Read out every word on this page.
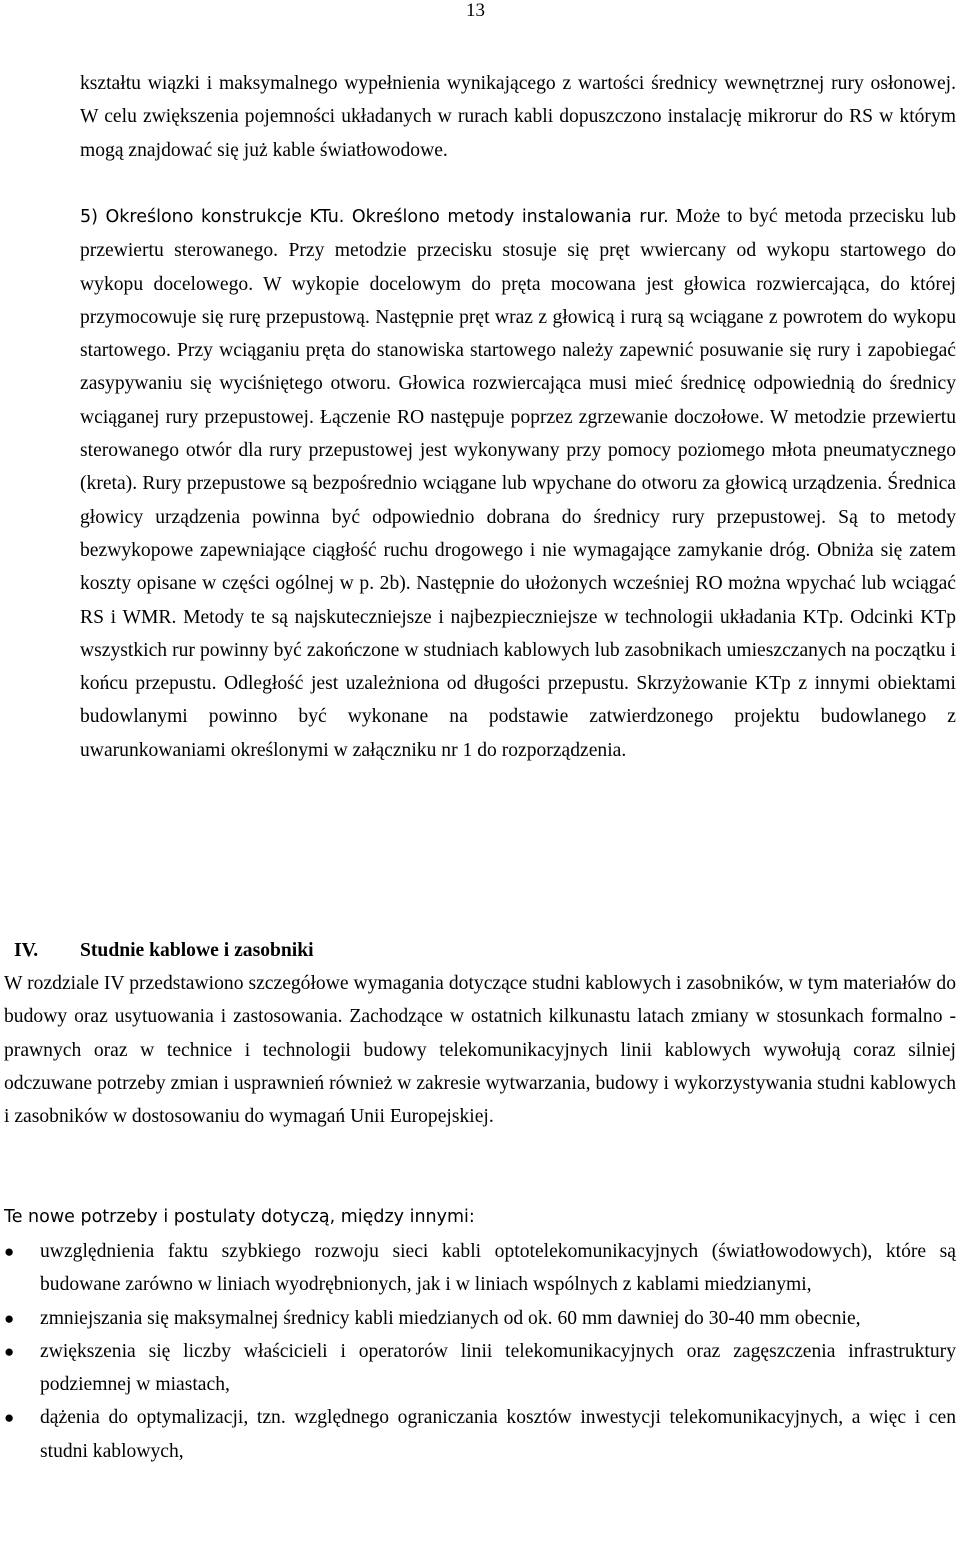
13

kształtu wiązki i maksymalnego wypełnienia wynikającego z wartości średnicy wewnętrznej rury osłonowej. W celu zwiększenia pojemności układanych w rurach kabli dopuszczono instalację mikrorur do RS w którym mogą znajdować się już kable światłowodowe.

5) Określono konstrukcje KTu. Określono metody instalowania rur. Może to być metoda przecisku lub przewiertu sterowanego. Przy metodzie przecisku stosuje się pręt wwiercany od wykopu startowego do wykopu docelowego. W wykopie docelowym do pręta mocowana jest głowica rozwiercająca, do której przymocowuje się rurę przepustową. Następnie pręt wraz z głowicą i rurą są wciągane z powrotem do wykopu startowego. Przy wciąganiu pręta do stanowiska startowego należy zapewnić posuwanie się rury i zapobiegać zasypywaniu się wyciśniętego otworu. Głowica rozwiercająca musi mieć średnicę odpowiednią do średnicy wciąganej rury przepustowej. Łączenie RO następuje poprzez zgrzewanie doczołowe. W metodzie przewiertu sterowanego otwór dla rury przepustowej jest wykonywany przy pomocy poziomego młota pneumatycznego (kreta). Rury przepustowe są bezpośrednio wciągane lub wpychane do otworu za głowicą urządzenia. Średnica głowicy urządzenia powinna być odpowiednio dobrana do średnicy rury przepustowej. Są to metody bezwykopowe zapewniające ciągłość ruchu drogowego i nie wymagające zamykanie dróg. Obniża się zatem koszty opisane w części ogólnej w p. 2b). Następnie do ułożonych wcześniej RO można wpychać lub wciągać RS i WMR. Metody te są najskuteczniejsze i najbezpieczniejsze w technologii układania KTp. Odcinki KTp wszystkich rur powinny być zakończone w studniach kablowych lub zasobnikach umieszczanych na początku i końcu przepustu. Odległość jest uzależniona od długości przepustu. Skrzyżowanie KTp z innymi obiektami budowlanymi powinno być wykonane na podstawie zatwierdzonego projektu budowlanego z uwarunkowaniami określonymi w załączniku nr 1 do rozporządzenia.

IV. Studnie kablowe i zasobniki

W rozdziale IV przedstawiono szczegółowe wymagania dotyczące studni kablowych i zasobników, w tym materiałów do budowy oraz usytuowania i zastosowania. Zachodzące w ostatnich kilkunastu latach zmiany w stosunkach formalno - prawnych oraz w technice i technologii budowy telekomunikacyjnych linii kablowych wywołują coraz silniej odczuwane potrzeby zmian i usprawnień również w zakresie wytwarzania, budowy i wykorzystywania studni kablowych i zasobników w dostosowaniu do wymagań Unii Europejskiej.

Te nowe potrzeby i postulaty dotyczą, między innymi:

●	uwzględnienia faktu szybkiego rozwoju sieci kabli optotelekomunikacyjnych (światłowodowych), które są budowane zarówno w liniach wyodrębnionych, jak i w liniach wspólnych z kablami miedzianymi,
●	zmniejszania się maksymalnej średnicy kabli miedzianych od ok. 60 mm dawniej do 30-40 mm obecnie,
●	zwiększenia się liczby właścicieli i operatorów linii telekomunikacyjnych oraz zagęszczenia infrastruktury podziemnej w miastach,
●	dążenia do optymalizacji, tzn. względnego ograniczania kosztów inwestycji telekomunikacyjnych, a więc i cen studni kablowych,
